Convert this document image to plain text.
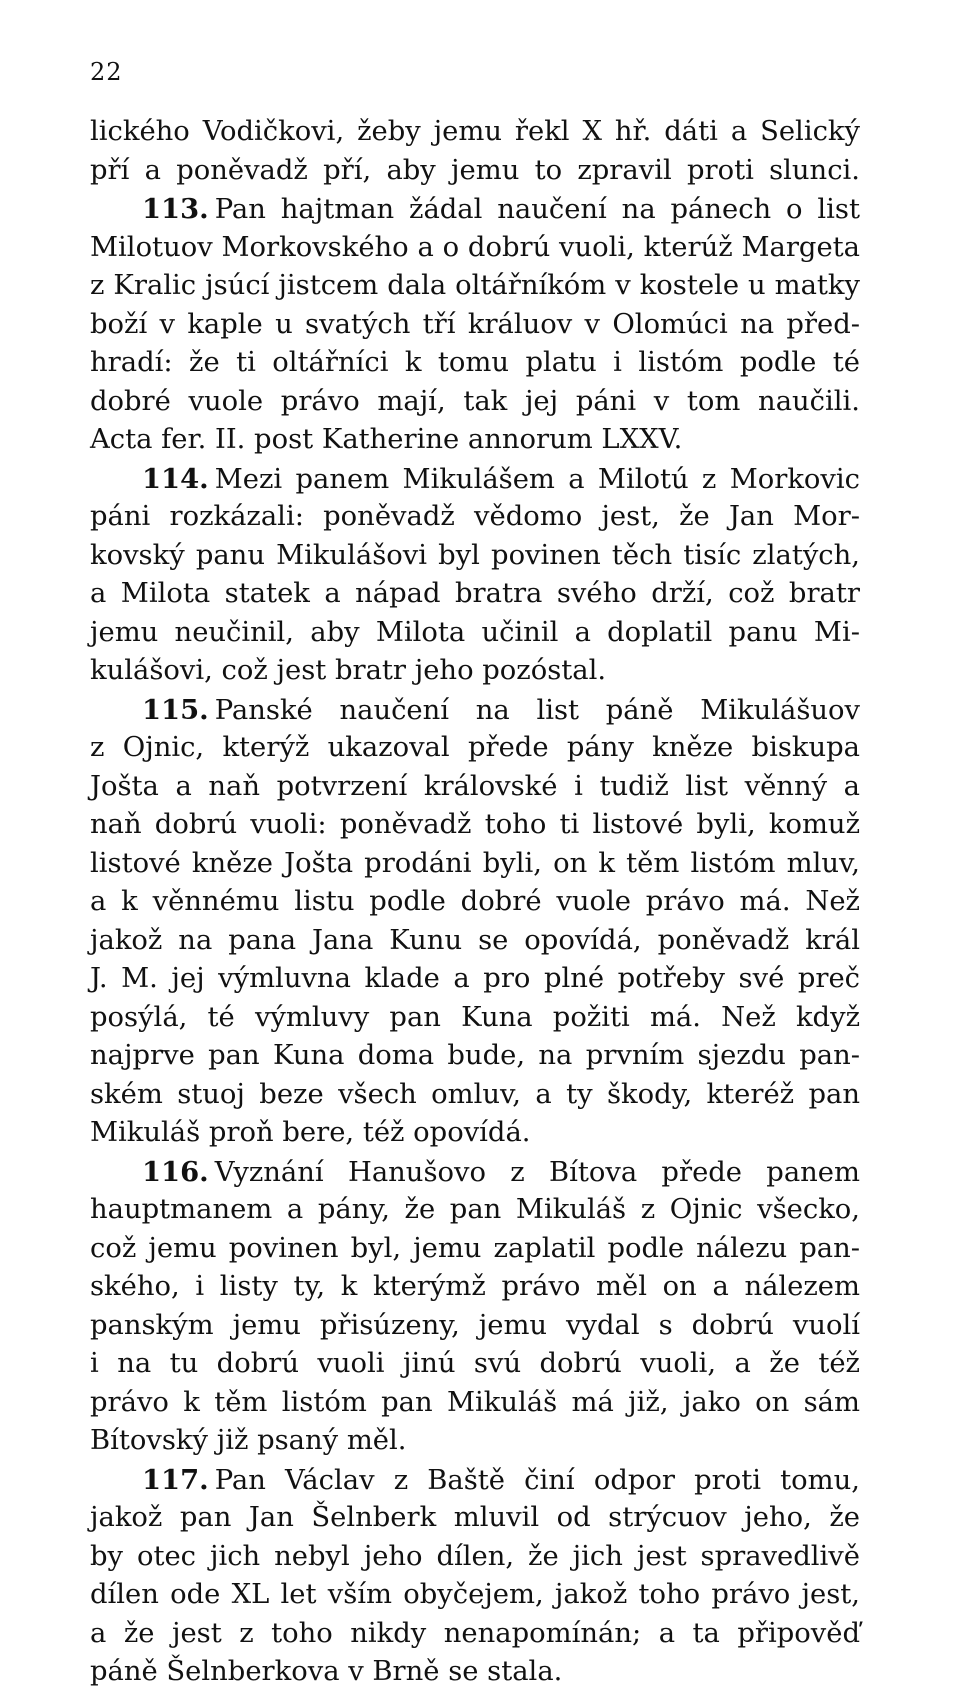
22
lického Vodičkovi, žeby jemu řekl X hř. dáti a Selický
pří a poněvadž pří, aby jemu to zpravil proti slunci.
113. Pan hajtman žádal naučení na pánech o list
Milotuov Morkovského a o dobrú vuoli, kterúž Margeta
z Kralic jsúcí jistcem dala oltářníkóm v kostele u matky
boží v kaple u svatých tří králuov v Olomúci na před-
hradí: že ti oltářníci k tomu platu i listóm podle té
dobré vuole právo mají, tak jej páni v tom naučili.
Acta fer. II. post Katherine annorum LXXV.
114. Mezi panem Mikulášem a Milotú z Morkovic
páni rozkázali: poněvadž vědomo jest, že Jan Mor-
kovský panu Mikulášovi byl povinen těch tisíc zlatých,
a Milota statek a nápad bratra svého drží, což bratr
jemu neučinil, aby Milota učinil a doplatil panu Mi-
kulášovi, což jest bratr jeho pozóstal.
115. Panské naučení na list páně Mikulášuov
z Ojnic, kterýž ukazoval přede pány kněze biskupa
Jošta a naň potvrzení královské i tudiž list věnný a
naň dobrú vuoli: poněvadž toho ti listové byli, komuž
listové kněze Jošta prodáni byli, on k těm listóm mluv,
a k věnnému listu podle dobré vuole právo má. Než
jakož na pana Jana Kunu se opovídá, poněvadž král
J. M. jej výmluvna klade a pro plné potřeby své preč
posýlá, té výmluvy pan Kuna požiti má. Než když
najprve pan Kuna doma bude, na prvním sjezdu pan-
ském stuoj beze všech omluv, a ty škody, kteréž pan
Mikuláš proň bere, též opovídá.
116. Vyznání Hanušovo z Bítova přede panem
hauptmanem a pány, že pan Mikuláš z Ojnic všecko,
což jemu povinen byl, jemu zaplatil podle nálezu pan-
ského, i listy ty, k kterýmž právo měl on a nálezem
panským jemu přisúzeny, jemu vydal s dobrú vuolí
i na tu dobrú vuoli jinú svú dobrú vuoli, a že též
právo k těm listóm pan Mikuláš má již, jako on sám
Bítovský již psaný měl.
117. Pan Václav z Baště činí odpor proti tomu,
jakož pan Jan Šelnberk mluvil od strýcuov jeho, že
by otec jich nebyl jeho dílen, že jich jest spravedlivě
dílen ode XL let vším obyčejem, jakož toho právo jest,
a že jest z toho nikdy nenapomínán; a ta připověď
páně Šelnberkova v Brně se stala.
